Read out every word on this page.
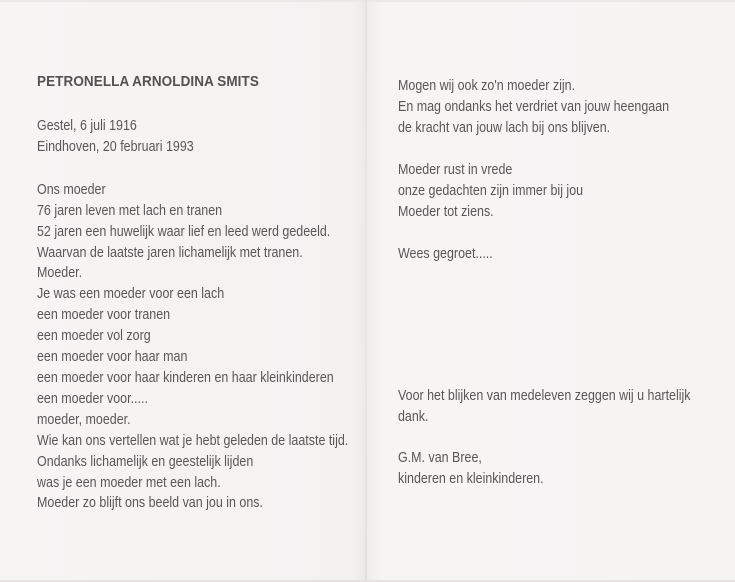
PETRONELLA ARNOLDINA SMITS
Gestel, 6 juli 1916
Eindhoven, 20 februari 1993
Ons moeder
76 jaren leven met lach en tranen
52 jaren een huwelijk waar lief en leed werd gedeeld.
Waarvan de laatste jaren lichamelijk met tranen.
Moeder.
Je was een moeder voor een lach
een moeder voor tranen
een moeder vol zorg
een moeder voor haar man
een moeder voor haar kinderen en haar kleinkinderen
een moeder voor.....
moeder, moeder.
Wie kan ons vertellen wat je hebt geleden de laatste tijd.
Ondanks lichamelijk en geestelijk lijden
was je een moeder met een lach.
Moeder zo blijft ons beeld van jou in ons.
Mogen wij ook zo'n moeder zijn.
En mag ondanks het verdriet van jouw heengaan
de kracht van jouw lach bij ons blijven.
Moeder rust in vrede
onze gedachten zijn immer bij jou
Moeder tot ziens.
Wees gegroet.....
Voor het blijken van medeleven zeggen wij u hartelijk
dank.
G.M. van Bree,
kinderen en kleinkinderen.
